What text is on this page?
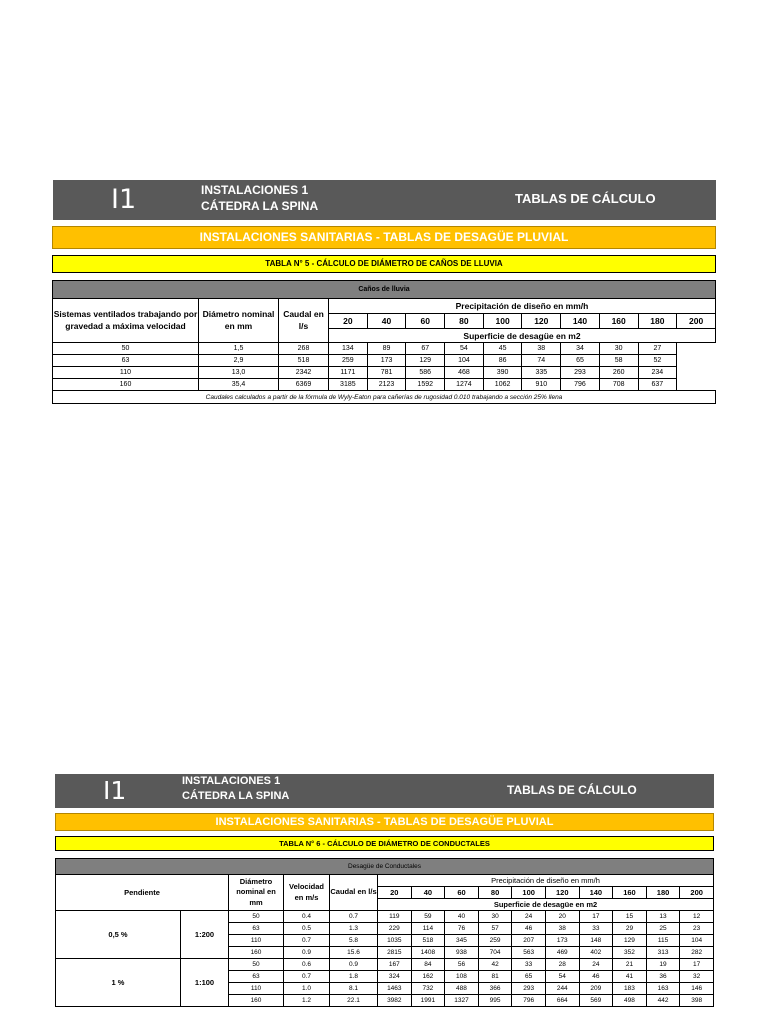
I1	INSTALACIONES 1
CÁTEDRA LA SPINA
TABLAS DE CÁLCULO
INSTALACIONES SANITARIAS - TABLAS DE DESAGÜE PLUVIAL
TABLA N° 5 - CÁLCULO DE DIÁMETRO DE CAÑOS DE LLUVIA
Caños de lluvia												
Sistemas ventilados trabajando por gravedad a máxima velocidad	Diámetro nominal en mm	Caudal en l/s	Precipitación de diseño en mm/h									
			20	40	60	80	100	120	140	160	180	200
			Superficie de desagüe en m2									
50	1,5	268	134	89	67	54	45	38	34	30	27	
63	2,9	518	259	173	129	104	86	74	65	58	52	
110	13,0	2342	1171	781	586	468	390	335	293	260	234	
160	35,4	6369	3185	2123	1592	1274	1062	910	796	708	637	
Caudales calculados a partir de la fórmula de Wyly-Eaton para cañerías de rugosidad 0.010 trabajando a sección 25% llena												
I1	INSTALACIONES 1
CÁTEDRA LA SPINA	TABLAS DE CÁLCULO
INSTALACIONES SANITARIAS - TABLAS DE DESAGÜE PLUVIAL
TABLA N° 6 - CÁLCULO DE DIÁMETRO DE CONDUCTALES
Desagüe de Conductales														
Pendiente		Diámetro nominal en mm	Velocidad en m/s	Caudal en l/s	Precipitación de diseño en mm/h									
					20	40	60	80	100	120	140	160	180	200
					Superficie de desagüe en m2									
0,5 %	1:200	50	0.4	0.7	119	59	40	30	24	20	17	15	13	12
		63	0.5	1.3	229	114	76	57	46	38	33	29	25	23
		110	0.7	5.8	1035	518	345	259	207	173	148	129	115	104
		160	0.9	15.6	2815	1408	938	704	563	469	402	352	313	282
1 %	1:100	50	0.6	0.9	167	84	56	42	33	28	24	21	19	17
		63	0.7	1.8	324	162	108	81	65	54	46	41	36	32
		110	1.0	8.1	1463	732	488	366	293	244	209	183	163	146
		160	1.2	22.1	3982	1991	1327	995	796	664	569	498	442	398
